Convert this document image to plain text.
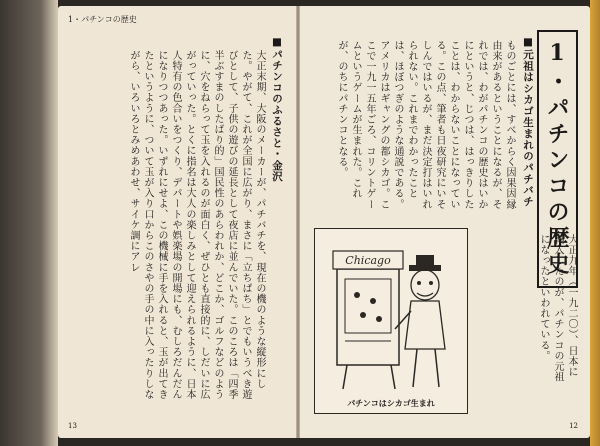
1・パチンコの歴史
■パチンコのふるさと・金沢
大正末期、大阪のメーカーが、パチバチを、現在の機のような縦形にした。やがて、これが全国に広がり、まさに「立ちぱち」とでもいうべき遊びとして、子供の遊びの延長として夜店に並んでいた。このころは「四季半ぶすまのしたばり的」国民性のあらわれか、どこか、ゴルフなどのように、穴をねらって玉を入れるのが面白く、ぜひとも直接的に、しだいに広がっていった。とくに指名は大人の楽しみとして迎えられるように、日本人特有の色合いをつくり、デパートや娯楽場の開場にも、むしろだんだんになりつつあった。いずれにせよ、この機械に手を入れると、玉が出てきたというように、ついて玉が入り口からこのさやの手の中に入ったりしながら、いろいろとみめあわせ、サイケ調にアレ
13
1・パチンコの歴史
■元祖はシカゴ生まれのパチバチ
ものごとには、すべからく因果因縁由来があるということになるが、それでは、わがパチンコの歴史はいかにというと、じつは、はっきりしたことは、わからないことになっている。この点、筆者も日夜研究にいそしんではいるが、まだ決定打はいれられない。これまでわかったことは、ほぼつぎのような通説である。アメリカはギャングの都シカゴ。ここで一九一五年ごろ、コリントゲームというゲームが生まれた。これが、のちにパチンコとなる。
大正九年（一九二〇）、日本に輸入したのが、パチンコの元祖になったといわれている。
Chicago
パチンコはシカゴ生まれ
12
